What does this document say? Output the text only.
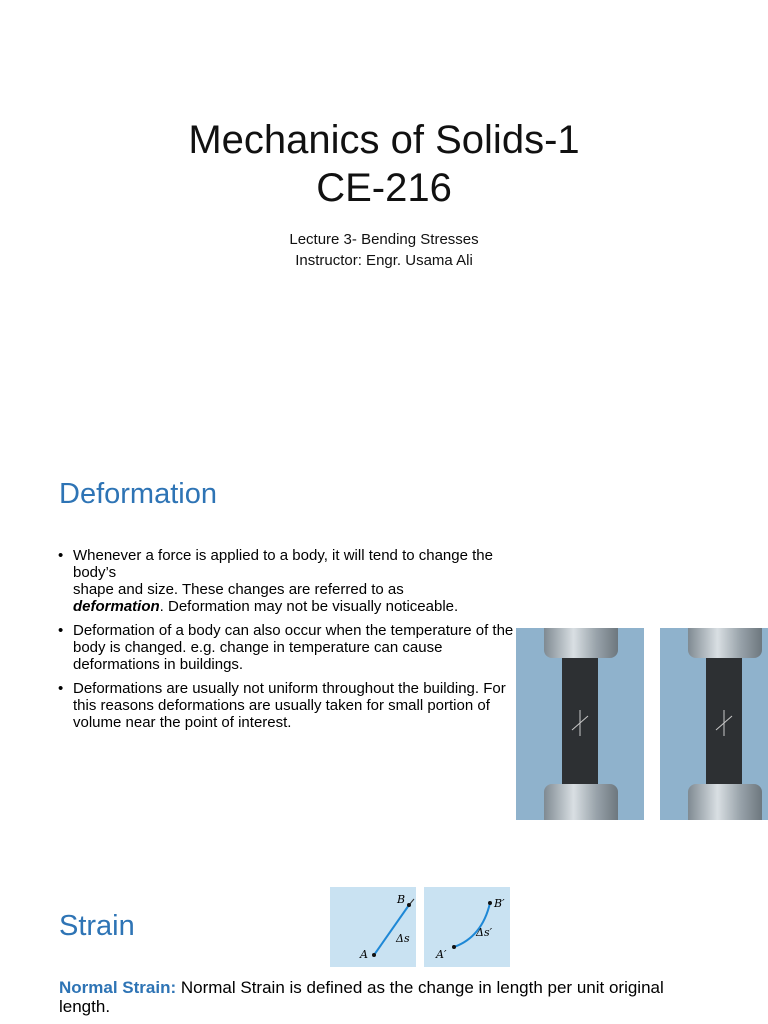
Mechanics of Solids-1
CE-216
Lecture 3- Bending Stresses
Instructor: Engr. Usama Ali
Deformation
• Whenever a force is applied to a body, it will tend to change the body’s
shape and size. These changes are referred to as
deformation. Deformation may not be visually noticeable.
• Deformation of a body can also occur when the temperature of the body is changed. e.g. change in temperature can cause deformations in buildings.
• Deformations are usually not uniform throughout the building. For this reasons deformations are usually taken for small portion of volume near the point of interest.
Strain
B
A
Δs
B′
A′
Δs′
Normal Strain: Normal Strain is defined as the change in length per unit original length.
